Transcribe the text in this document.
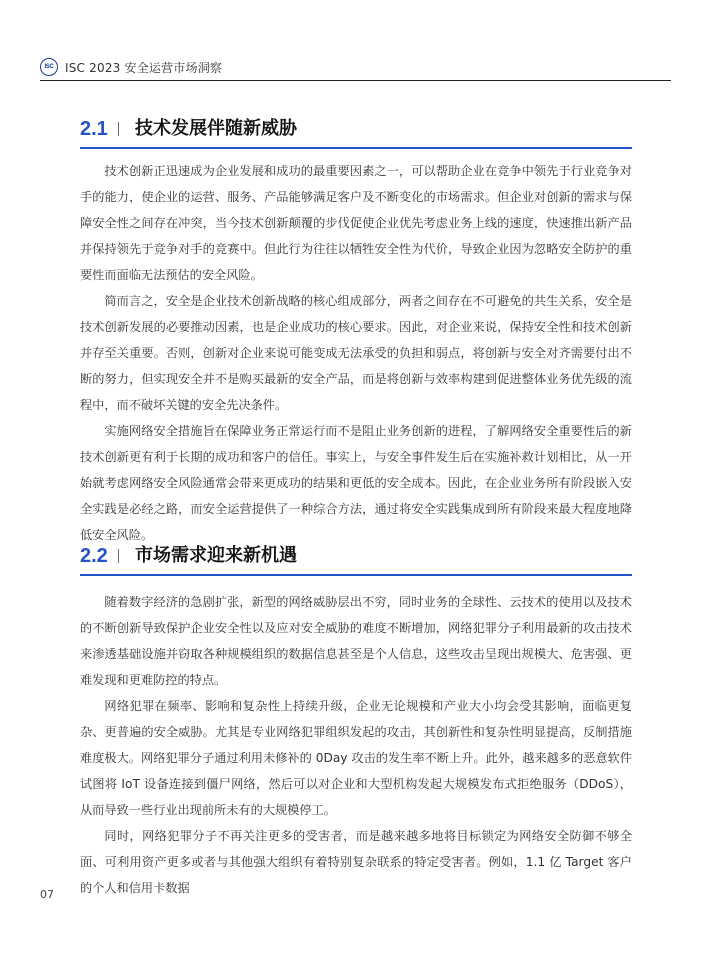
ISC ISC 2023 安全运营市场洞察
2.1 技术发展伴随新威胁

技术创新正迅速成为企业发展和成功的最重要因素之一，可以帮助企业在竞争中领先于行业竞争对手的能力，使企业的运营、服务、产品能够满足客户及不断变化的市场需求。但企业对创新的需求与保障安全性之间存在冲突，当今技术创新颠覆的步伐促使企业优先考虑业务上线的速度，快速推出新产品并保持领先于竞争对手的竞赛中。但此行为往往以牺牲安全性为代价，导致企业因为忽略安全防护的重要性而面临无法预估的安全风险。

简而言之，安全是企业技术创新战略的核心组成部分，两者之间存在不可避免的共生关系，安全是技术创新发展的必要推动因素，也是企业成功的核心要求。因此，对企业来说，保持安全性和技术创新并存至关重要。否则，创新对企业来说可能变成无法承受的负担和弱点，将创新与安全对齐需要付出不断的努力，但实现安全并不是购买最新的安全产品，而是将创新与效率构建到促进整体业务优先级的流程中，而不破坏关键的安全先决条件。

实施网络安全措施旨在保障业务正常运行而不是阻止业务创新的进程，了解网络安全重要性后的新技术创新更有利于长期的成功和客户的信任。事实上，与安全事件发生后在实施补救计划相比，从一开始就考虑网络安全风险通常会带来更成功的结果和更低的安全成本。因此，在企业业务所有阶段嵌入安全实践是必经之路，而安全运营提供了一种综合方法，通过将安全实践集成到所有阶段来最大程度地降低安全风险。

2.2 市场需求迎来新机遇

随着数字经济的急剧扩张，新型的网络威胁层出不穷，同时业务的全球性、云技术的使用以及技术的不断创新导致保护企业安全性以及应对安全威胁的难度不断增加，网络犯罪分子利用最新的攻击技术来渗透基础设施并窃取各种规模组织的数据信息甚至是个人信息，这些攻击呈现出规模大、危害强、更难发现和更难防控的特点。

网络犯罪在频率、影响和复杂性上持续升级，企业无论规模和产业大小均会受其影响，面临更复杂、更普遍的安全威胁。尤其是专业网络犯罪组织发起的攻击，其创新性和复杂性明显提高，反制措施难度极大。网络犯罪分子通过利用未修补的 0Day 攻击的发生率不断上升。此外，越来越多的恶意软件试图将 IoT 设备连接到僵尸网络，然后可以对企业和大型机构发起大规模发布式拒绝服务（DDoS），从而导致一些行业出现前所未有的大规模停工。

同时，网络犯罪分子不再关注更多的受害者，而是越来越多地将目标锁定为网络安全防御不够全面、可利用资产更多或者与其他强大组织有着特别复杂联系的特定受害者。例如，1.1 亿 Target 客户的个人和信用卡数据

07
